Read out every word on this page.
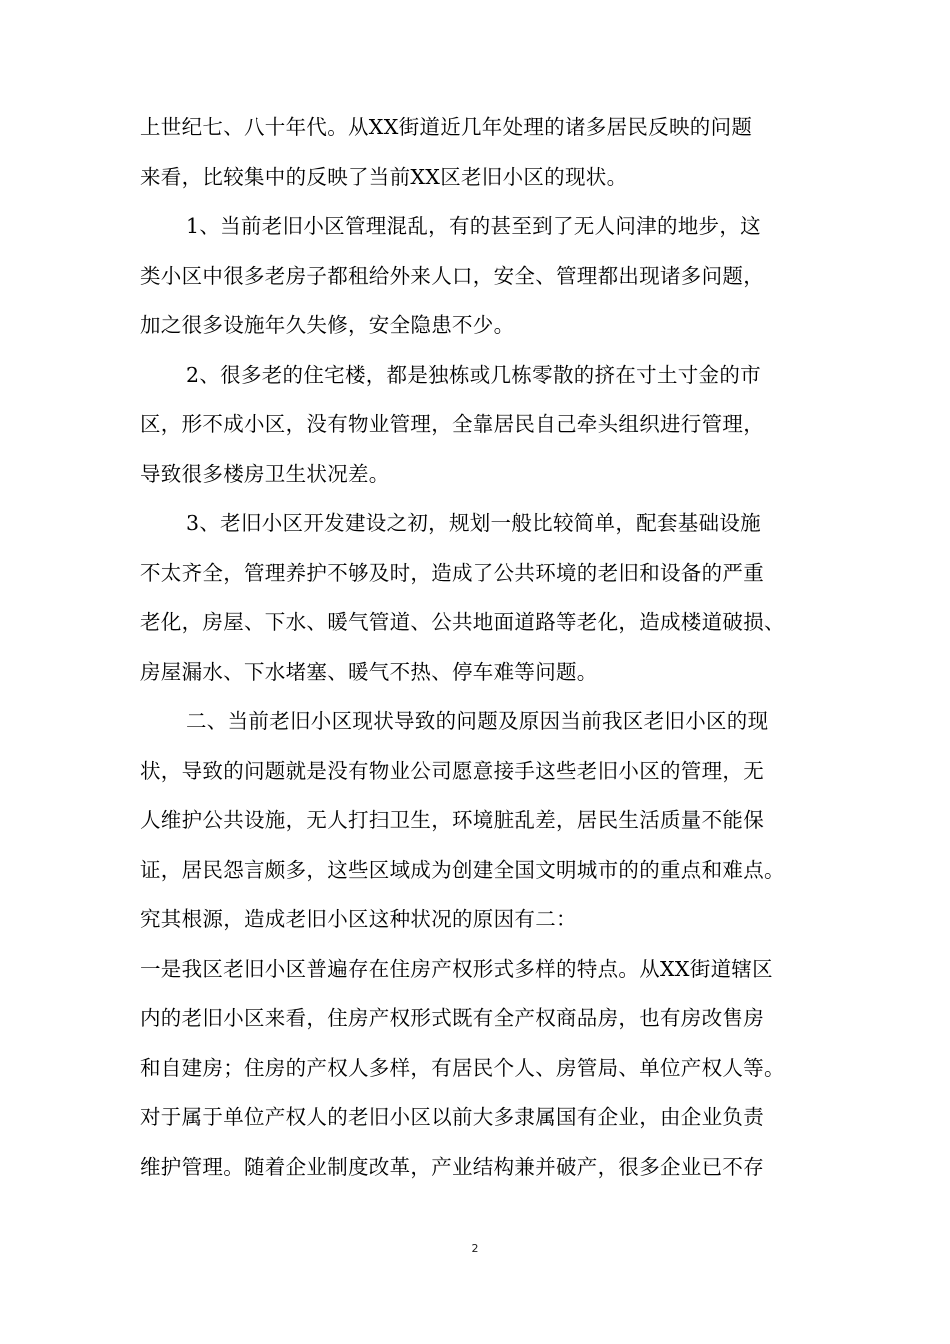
上世纪七、八十年代。从XX街道近几年处理的诸多居民反映的问题
来看，比较集中的反映了当前XX区老旧小区的现状。
1、当前老旧小区管理混乱，有的甚至到了无人问津的地步，这
类小区中很多老房子都租给外来人口，安全、管理都出现诸多问题，
加之很多设施年久失修，安全隐患不少。
2、很多老的住宅楼，都是独栋或几栋零散的挤在寸土寸金的市
区，形不成小区，没有物业管理，全靠居民自己牵头组织进行管理，
导致很多楼房卫生状况差。
3、老旧小区开发建设之初，规划一般比较简单，配套基础设施
不太齐全，管理养护不够及时，造成了公共环境的老旧和设备的严重
老化，房屋、下水、暖气管道、公共地面道路等老化，造成楼道破损、
房屋漏水、下水堵塞、暖气不热、停车难等问题。
二、当前老旧小区现状导致的问题及原因当前我区老旧小区的现
状，导致的问题就是没有物业公司愿意接手这些老旧小区的管理，无
人维护公共设施，无人打扫卫生，环境脏乱差，居民生活质量不能保
证，居民怨言颇多，这些区域成为创建全国文明城市的的重点和难点。
究其根源，造成老旧小区这种状况的原因有二：
一是我区老旧小区普遍存在住房产权形式多样的特点。从XX街道辖区
内的老旧小区来看，住房产权形式既有全产权商品房，也有房改售房
和自建房；住房的产权人多样，有居民个人、房管局、单位产权人等。
对于属于单位产权人的老旧小区以前大多隶属国有企业，由企业负责
维护管理。随着企业制度改革，产业结构兼并破产，很多企业已不存
2
